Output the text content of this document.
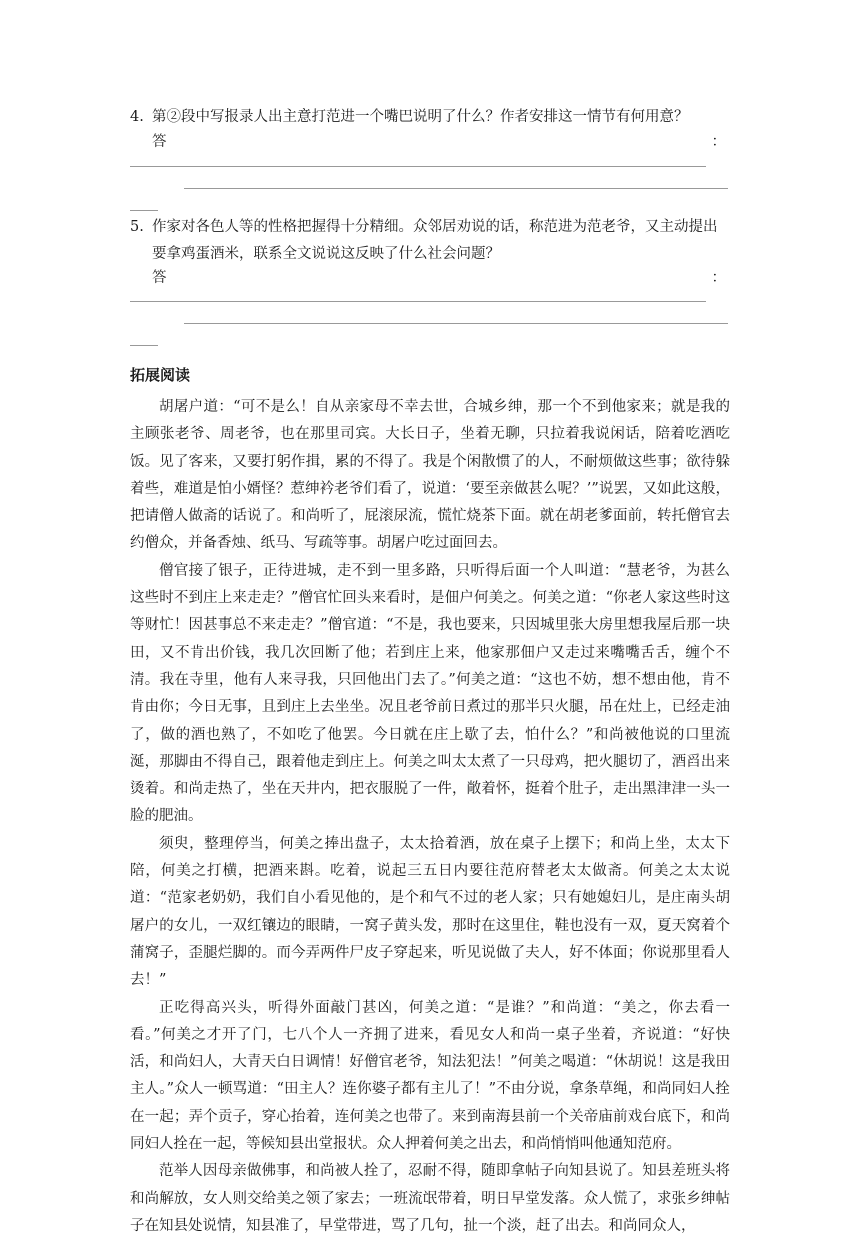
4. 第②段中写报录人出主意打范进一个嘴巴说明了什么？作者安排这一情节有何用意？
答	：
5. 作家对各色人等的性格把握得十分精细。众邻居劝说的话，称范进为范老爷，又主动提出要拿鸡蛋酒米，联系全文说说这反映了什么社会问题？
答	：
拓展阅读

胡屠户道：“可不是么！自从亲家母不幸去世，合城乡绅，那一个不到他家来；就是我的主顾张老爷、周老爷，也在那里司宾。大长日子，坐着无聊，只拉着我说闲话，陪着吃酒吃饭。见了客来，又要打躬作揖，累的不得了。我是个闲散惯了的人，不耐烦做这些事；欲待躲着些，难道是怕小婿怪？惹绅衿老爷们看了，说道：‘要至亲做甚么呢？’”说罢，又如此这般，把请僧人做斋的话说了。和尚听了，屁滚尿流，慌忙烧茶下面。就在胡老爹面前，转托僧官去约僧众，并备香烛、纸马、写疏等事。胡屠户吃过面回去。

僧官接了银子，正待进城，走不到一里多路，只听得后面一个人叫道：“慧老爷，为甚么这些时不到庄上来走走？”僧官忙回头来看时，是佃户何美之。何美之道：“你老人家这些时这等财忙！因甚事总不来走走？”僧官道：“不是，我也要来，只因城里张大房里想我屋后那一块田，又不肯出价钱，我几次回断了他；若到庄上来，他家那佃户又走过来嘴嘴舌舌，缠个不清。我在寺里，他有人来寻我，只回他出门去了。”何美之道：“这也不妨，想不想由他，肯不肯由你；今日无事，且到庄上去坐坐。况且老爷前日煮过的那半只火腿，吊在灶上，已经走油了，做的酒也熟了，不如吃了他罢。今日就在庄上歇了去，怕什么？”和尚被他说的口里流涎，那脚由不得自己，跟着他走到庄上。何美之叫太太煮了一只母鸡，把火腿切了，酒舀出来烫着。和尚走热了，坐在天井内，把衣服脱了一件，敞着怀，挺着个肚子，走出黑津津一头一脸的肥油。

须臾，整理停当，何美之捧出盘子，太太拾着酒，放在桌子上摆下；和尚上坐，太太下陪，何美之打横，把酒来斟。吃着，说起三五日内要往范府替老太太做斋。何美之太太说道：“范家老奶奶，我们自小看见他的，是个和气不过的老人家；只有她媳妇儿，是庄南头胡屠户的女儿，一双红镶边的眼睛，一窝子黄头发，那时在这里住，鞋也没有一双，夏天窝着个蒲窝子，歪腿烂脚的。而今弄两件尸皮子穿起来，听见说做了夫人，好不体面；你说那里看人去！”

正吃得高兴头，听得外面敲门甚凶，何美之道：“是谁？”和尚道：“美之，你去看一看。”何美之才开了门，七八个人一齐拥了进来，看见女人和尚一桌子坐着，齐说道：“好快活，和尚妇人，大青天白日调情！好僧官老爷，知法犯法！”何美之喝道：“休胡说！这是我田主人。”众人一顿骂道：“田主人？连你婆子都有主儿了！”不由分说，拿条草绳，和尚同妇人拴在一起；弄个贡子，穿心抬着，连何美之也带了。来到南海县前一个关帝庙前戏台底下，和尚同妇人拴在一起，等候知县出堂报状。众人押着何美之出去，和尚悄悄叫他通知范府。

范举人因母亲做佛事，和尚被人拴了，忍耐不得，随即拿帖子向知县说了。知县差班头将和尚解放，女人则交给美之领了家去；一班流氓带着，明日早堂发落。众人慌了，求张乡绅帖子在知县处说情，知县准了，早堂带进，骂了几句，扯一个淡，赶了出去。和尚同众人，
